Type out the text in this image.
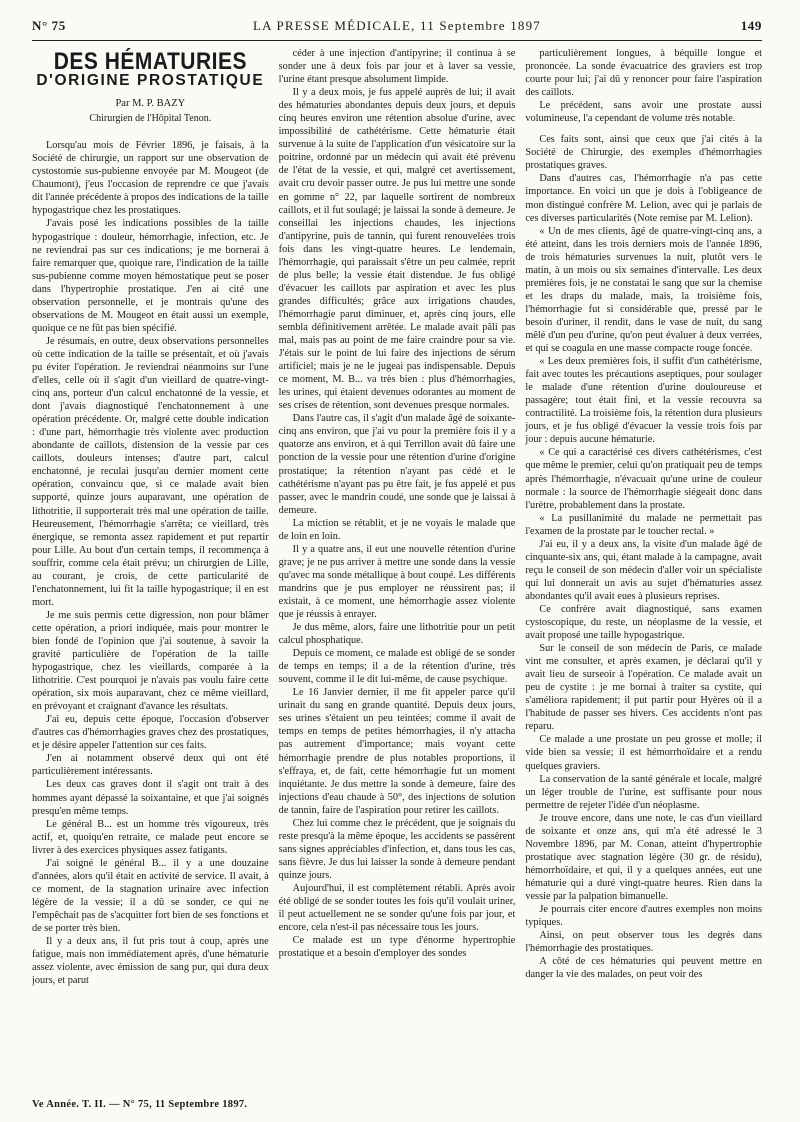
N° 75	LA PRESSE MÉDICALE, 11 Septembre 1897	149
DES HÉMATURIES
D'ORIGINE PROSTATIQUE
Par M. P. BAZY
Chirurgien de l'Hôpital Tenon.

Lorsqu'au mois de Février 1896, je faisais, à la Société de chirurgie, un rapport sur une observation de cystostomie sus-pubienne envoyée par M. Mougeot (de Chaumont), j'eus l'occasion de reprendre ce que j'avais dit l'année précédente à propos des indications de la taille hypogastrique chez les prostatiques.

J'avais posé les indications possibles de la taille hypogastrique : douleur, hémorrhagie, infection, etc. Je ne reviendrai pas sur ces indications; je me bornerai à faire remarquer que, quoique rare, l'indication de la taille sus-pubienne comme moyen hémostatique peut se poser dans l'hypertrophie prostatique. J'en ai cité une observation personnelle, et je montrais qu'une des observations de M. Mougeot en était aussi un exemple, quoique ce ne fût pas bien spécifié.

Je résumais, en outre, deux observations personnelles où cette indication de la taille se présentait, et où j'avais pu éviter l'opération. Je reviendrai néanmoins sur l'une d'elles, celle où il s'agit d'un vieillard de quatre-vingt-cinq ans, porteur d'un calcul enchatonné de la vessie, et dont j'avais diagnostiqué l'enchatonnement à une opération précédente. Or, malgré cette double indication : d'une part, hémorrhagie très violente avec production abondante de caillots, distension de la vessie par ces caillots, douleurs intenses; d'autre part, calcul enchatonné, je reculai jusqu'au dernier moment cette opération, convaincu que, si ce malade avait bien supporté, quinze jours auparavant, une opération de lithotritie, il supporterait très mal une opération de taille. Heureusement, l'hémorrhagie s'arrêta; ce vieillard, très énergique, se remonta assez rapidement et put repartir pour Lille. Au bout d'un certain temps, il recommença à souffrir, comme cela était prévu; un chirurgien de Lille, au courant, je crois, de cette particularité de l'enchatonnement, lui fit la taille hypogastrique; il en est mort.

Je me suis permis cette digression, non pour blâmer cette opération, a priori indiquée, mais pour montrer le bien fondé de l'opinion que j'ai soutenue, à savoir la gravité particulière de l'opération de la taille hypogastrique, chez les vieillards, comparée à la lithotritie. C'est pourquoi je n'avais pas voulu faire cette opération, six mois auparavant, chez ce même vieillard, en prévoyant et craignant d'avance les résultats.

J'ai eu, depuis cette époque, l'occasion d'observer d'autres cas d'hémorrhagies graves chez des prostatiques, et je désire appeler l'attention sur ces faits.

J'en ai notamment observé deux qui ont été particulièrement intéressants.

Les deux cas graves dont il s'agit ont trait à des hommes ayant dépassé la soixantaine, et que j'ai soignés presqu'en même temps.

Le général B... est un homme très vigoureux, très actif, et, quoiqu'en retraite, ce malade peut encore se livrer à des exercices physiques assez fatigants.

J'ai soigné le général B... il y a une douzaine d'années, alors qu'il était en activité de service. Il avait, à ce moment, de la stagnation urinaire avec infection légère de la vessie; il a dû se sonder, ce qui ne l'empêchait pas de s'acquitter fort bien de ses fonctions et de se porter très bien.

Il y a deux ans, il fut pris tout à coup, après une fatigue, mais non immédiatement après, d'une hématurie assez violente, avec émission de sang pur, qui dura deux jours, et parut

céder à une injection d'antipyrine; il continua à se sonder une à deux fois par jour et à laver sa vessie, l'urine étant presque absolument limpide.

Il y a deux mois, je fus appelé auprès de lui; il avait des hématuries abondantes depuis deux jours, et depuis cinq heures environ une rétention absolue d'urine, avec impossibilité de cathétérisme. Cette hématurie était survenue à la suite de l'application d'un vésicatoire sur la poitrine, ordonné par un médecin qui avait été prévenu de l'état de la vessie, et qui, malgré cet avertissement, avait cru devoir passer outre. Je pus lui mettre une sonde en gomme n° 22, par laquelle sortirent de nombreux caillots, et il fut soulagé; je laissai la sonde à demeure. Je conseillai les injections chaudes, les injections d'antipyrine, puis de tannin, qui furent renouvelées trois fois dans les vingt-quatre heures. Le lendemain, l'hémorrhagie, qui paraissait s'être un peu calmée, reprit de plus belle; la vessie était distendue. Je fus obligé d'évacuer les caillots par aspiration et avec les plus grandes difficultés; grâce aux irrigations chaudes, l'hémorrhagie parut diminuer, et, après cinq jours, elle sembla définitivement arrêtée. Le malade avait pâli pas mal, mais pas au point de me faire craindre pour sa vie. J'étais sur le point de lui faire des injections de sérum artificiel; mais je ne le jugeai pas indispensable. Depuis ce moment, M. B... va très bien : plus d'hémorrhagies, les urines, qui étaient devenues odorantes au moment de ses crises de rétention, sont devenues presque normales.

Dans l'autre cas, il s'agit d'un malade âgé de soixante-cinq ans environ, que j'ai vu pour la première fois il y a quatorze ans environ, et à qui Terrillon avait dû faire une ponction de la vessie pour une rétention d'urine d'origine prostatique; la rétention n'ayant pas cédé et le cathétérisme n'ayant pas pu être fait, je fus appelé et pus passer, avec le mandrin coudé, une sonde que je laissai à demeure.

La miction se rétablit, et je ne voyais le malade que de loin en loin.

Il y a quatre ans, il eut une nouvelle rétention d'urine grave; je ne pus arriver à mettre une sonde dans la vessie qu'avec ma sonde métallique à bout coupé. Les différents mandrins que je pus employer ne réussirent pas; il existait, à ce moment, une hémorrhagie assez violente que je réussis à enrayer.

Je dus même, alors, faire une lithotritie pour un petit calcul phosphatique.

Depuis ce moment, ce malade est obligé de se sonder de temps en temps; il a de la rétention d'urine, très souvent, comme il le dit lui-même, de cause psychique.

Le 16 Janvier dernier, il me fit appeler parce qu'il urinait du sang en grande quantité. Depuis deux jours, ses urines s'étaient un peu teintées; comme il avait de temps en temps de petites hémorrhagies, il n'y attacha pas autrement d'importance; mais voyant cette hémorrhagie prendre de plus notables proportions, il s'effraya, et, de fait, cette hémorrhagie fut un moment inquiétante. Je dus mettre la sonde à demeure, faire des injections d'eau chaude à 50°, des injections de solution de tannin, faire de l'aspiration pour retirer les caillots.

Chez lui comme chez le précédent, que je soignais du reste presqu'à la même époque, les accidents se passèrent sans signes appréciables d'infection, et, dans tous les cas, sans fièvre. Je dus lui laisser la sonde à demeure pendant quinze jours.

Aujourd'hui, il est complètement rétabli. Après avoir été obligé de se sonder toutes les fois qu'il voulait uriner, il peut actuellement ne se sonder qu'une fois par jour, et encore, cela n'est-il pas nécessaire tous les jours.

Ce malade est un type d'énorme hypertrophie prostatique et a besoin d'employer des sondes

particulièrement longues, à béquille longue et prononcée. La sonde évacuatrice des graviers est trop courte pour lui; j'ai dû y renoncer pour faire l'aspiration des caillots.

Le précédent, sans avoir une prostate aussi volumineuse, l'a cependant de volume très notable.

Ces faits sont, ainsi que ceux que j'ai cités à la Société de Chirurgie, des exemples d'hémorrhagies prostatiques graves.

Dans d'autres cas, l'hémorrhagie n'a pas cette importance. En voici un que je dois à l'obligeance de mon distingué confrère M. Lelion, avec qui je parlais de ces diverses particularités (Note remise par M. Lelion).

« Un de mes clients, âgé de quatre-vingt-cinq ans, a été atteint, dans les trois derniers mois de l'année 1896, de trois hématuries survenues la nuit, plutôt vers le matin, à un mois ou six semaines d'intervalle. Les deux premières fois, je ne constatai le sang que sur la chemise et les draps du malade, mais, la troisième fois, l'hémorrhagie fut si considérable que, pressé par le besoin d'uriner, il rendit, dans le vase de nuit, du sang mêlé d'un peu d'urine, qu'on peut évaluer à deux verrées, et qui se coagula en une masse compacte rouge foncée.

« Les deux premières fois, il suffit d'un cathétérisme, fait avec toutes les précautions aseptiques, pour soulager le malade d'une rétention d'urine douloureuse et passagère; tout était fini, et la vessie recouvra sa contractilité. La troisième fois, la rétention dura plusieurs jours, et je fus obligé d'évacuer la vessie trois fois par jour : depuis aucune hématurie.

« Ce qui a caractérisé ces divers cathétérismes, c'est que même le premier, celui qu'on pratiquait peu de temps après l'hémorrhagie, n'évacuait qu'une urine de couleur normale : la source de l'hémorrhagie siégeait donc dans l'urètre, probablement dans la prostate.

« La pusillanimité du malade ne permettait pas l'examen de la prostate par le toucher rectal. »

J'ai eu, il y a deux ans, la visite d'un malade âgé de cinquante-six ans, qui, étant malade à la campagne, avait reçu le conseil de son médecin d'aller voir un spécialiste qui lui donnerait un avis au sujet d'hématuries assez abondantes qu'il avait eues à plusieurs reprises.

Ce confrère avait diagnostiqué, sans examen cystoscopique, du reste, un néoplasme de la vessie, et avait proposé une taille hypogastrique.

Sur le conseil de son médecin de Paris, ce malade vint me consulter, et après examen, je déclarai qu'il y avait lieu de surseoir à l'opération. Ce malade avait un peu de cystite : je me bornai à traiter sa cystite, qui s'améliora rapidement; il put partir pour Hyères où il a l'habitude de passer ses hivers. Ces accidents n'ont pas reparu.

Ce malade a une prostate un peu grosse et molle; il vide bien sa vessie; il est hémorrhoïdaire et a rendu quelques graviers.

La conservation de la santé générale et locale, malgré un léger trouble de l'urine, est suffisante pour nous permettre de rejeter l'idée d'un néoplasme.

Je trouve encore, dans une note, le cas d'un vieillard de soixante et onze ans, qui m'a été adressé le 3 Novembre 1896, par M. Conan, atteint d'hypertrophie prostatique avec stagnation légère (30 gr. de résidu), hémorrhoïdaire, et qui, il y a quelques années, eut une hématurie qui a duré vingt-quatre heures. Rien dans la vessie par la palpation bimanuelle.

Je pourrais citer encore d'autres exemples non moins typiques.

Ainsi, on peut observer tous les degrés dans l'hémorrhagie des prostatiques.

A côté de ces hématuries qui peuvent mettre en danger la vie des malades, on peut voir des

Ve Année. T. II. — N° 75, 11 Septembre 1897.
